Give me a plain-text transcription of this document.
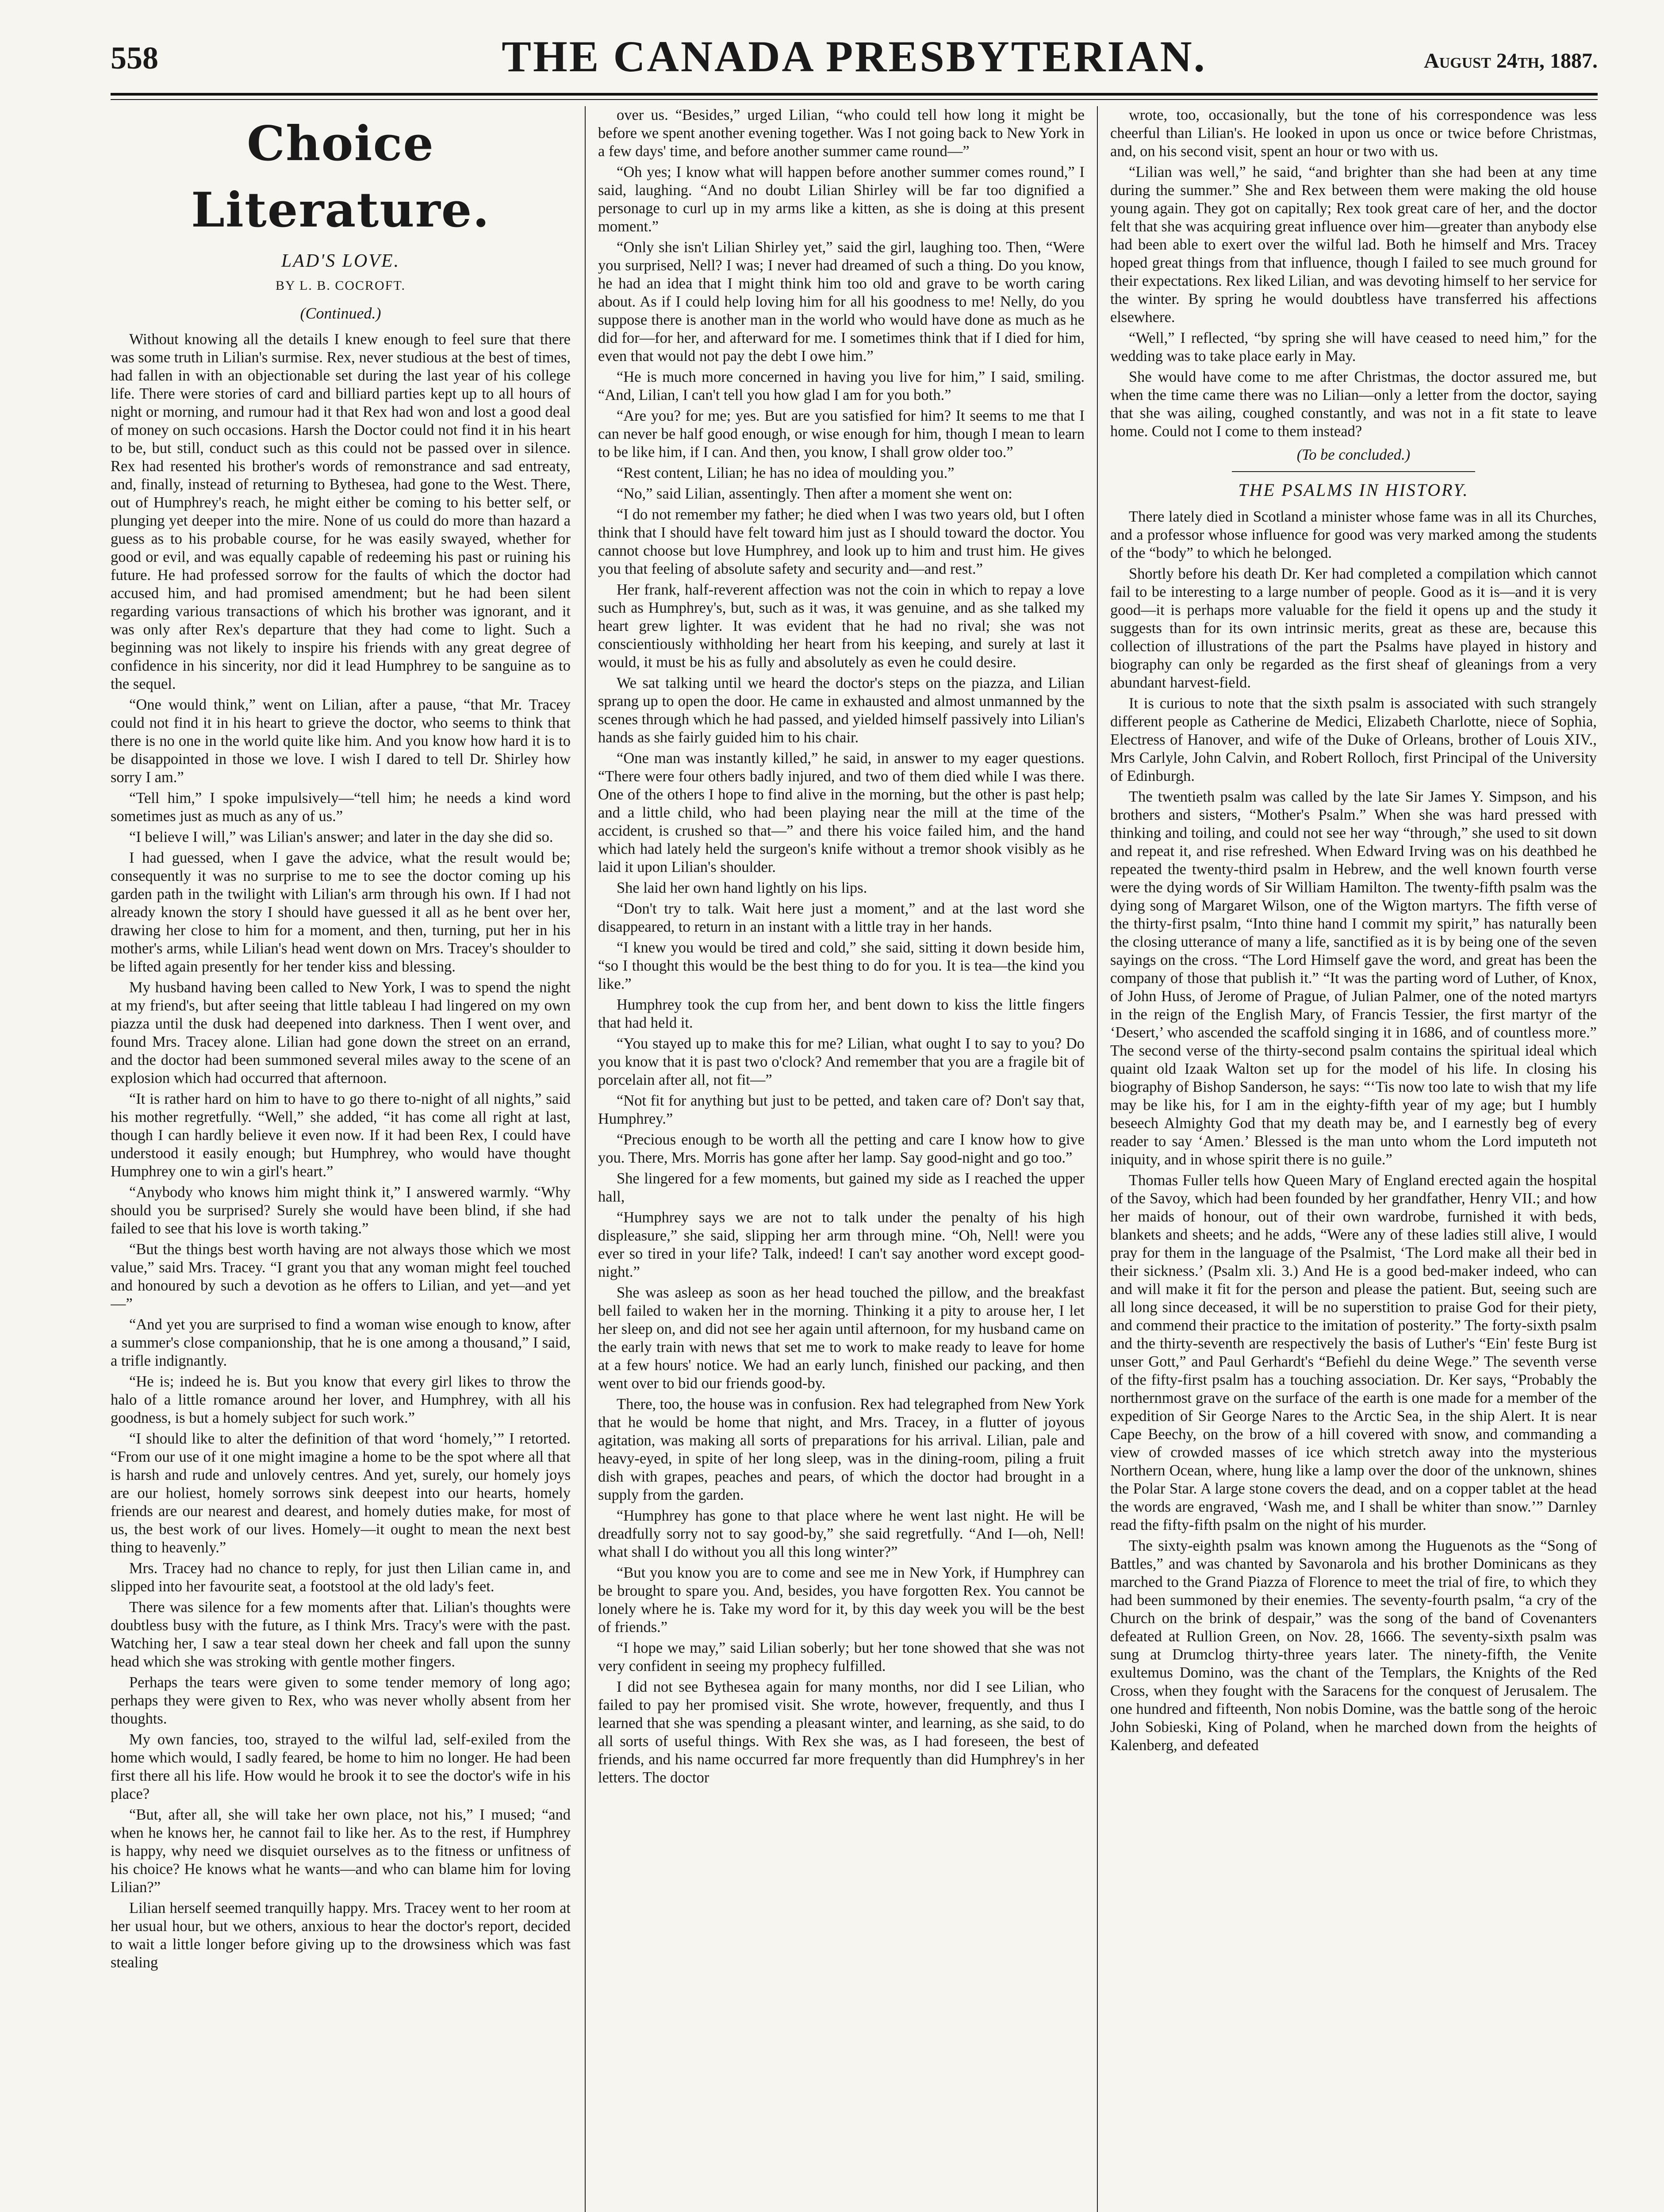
558	THE CANADA PRESBYTERIAN.	August 24th, 1887.
Choice Literature.
LAD'S LOVE.
BY L. B. COCROFT.
(Continued.)

Without knowing all the details I knew enough to feel sure that there was some truth in Lilian's surmise. Rex, never studious at the best of times, had fallen in with an objectionable set during the last year of his college life. There were stories of card and billiard parties kept up to all hours of night or morning, and rumour had it that Rex had won and lost a good deal of money on such occasions. Harsh the Doctor could not find it in his heart to be, but still, conduct such as this could not be passed over in silence. Rex had resented his brother's words of remonstrance and sad entreaty, and, finally, instead of returning to Bythesea, had gone to the West. There, out of Humphrey's reach, he might either be coming to his better self, or plunging yet deeper into the mire. None of us could do more than hazard a guess as to his probable course, for he was easily swayed, whether for good or evil, and was equally capable of redeeming his past or ruining his future. He had professed sorrow for the faults of which the doctor had accused him, and had promised amendment; but he had been silent regarding various transactions of which his brother was ignorant, and it was only after Rex's departure that they had come to light. Such a beginning was not likely to inspire his friends with any great degree of confidence in his sincerity, nor did it lead Humphrey to be sanguine as to the sequel.

“One would think,” went on Lilian, after a pause, “that Mr. Tracey could not find it in his heart to grieve the doctor, who seems to think that there is no one in the world quite like him. And you know how hard it is to be disappointed in those we love. I wish I dared to tell Dr. Shirley how sorry I am.”

“Tell him,” I spoke impulsively—“tell him; he needs a kind word sometimes just as much as any of us.”

“I believe I will,” was Lilian's answer; and later in the day she did so.

I had guessed, when I gave the advice, what the result would be; consequently it was no surprise to me to see the doctor coming up his garden path in the twilight with Lilian's arm through his own. If I had not already known the story I should have guessed it all as he bent over her, drawing her close to him for a moment, and then, turning, put her in his mother's arms, while Lilian's head went down on Mrs. Tracey's shoulder to be lifted again presently for her tender kiss and blessing.

My husband having been called to New York, I was to spend the night at my friend's, but after seeing that little tableau I had lingered on my own piazza until the dusk had deepened into darkness. Then I went over, and found Mrs. Tracey alone. Lilian had gone down the street on an errand, and the doctor had been summoned several miles away to the scene of an explosion which had occurred that afternoon.

“It is rather hard on him to have to go there to-night of all nights,” said his mother regretfully. “Well,” she added, “it has come all right at last, though I can hardly believe it even now. If it had been Rex, I could have understood it easily enough; but Humphrey, who would have thought Humphrey one to win a girl's heart.”

“Anybody who knows him might think it,” I answered warmly. “Why should you be surprised? Surely she would have been blind, if she had failed to see that his love is worth taking.”

“But the things best worth having are not always those which we most value,” said Mrs. Tracey. “I grant you that any woman might feel touched and honoured by such a devotion as he offers to Lilian, and yet—and yet—”

“And yet you are surprised to find a woman wise enough to know, after a summer's close companionship, that he is one among a thousand,” I said, a trifle indignantly.

“He is; indeed he is. But you know that every girl likes to throw the halo of a little romance around her lover, and Humphrey, with all his goodness, is but a homely subject for such work.”

“I should like to alter the definition of that word ‘homely,’” I retorted. “From our use of it one might imagine a home to be the spot where all that is harsh and rude and unlovely centres. And yet, surely, our homely joys are our holiest, homely sorrows sink deepest into our hearts, homely friends are our nearest and dearest, and homely duties make, for most of us, the best work of our lives. Homely—it ought to mean the next best thing to heavenly.”

Mrs. Tracey had no chance to reply, for just then Lilian came in, and slipped into her favourite seat, a footstool at the old lady's feet.

There was silence for a few moments after that. Lilian's thoughts were doubtless busy with the future, as I think Mrs. Tracy's were with the past. Watching her, I saw a tear steal down her cheek and fall upon the sunny head which she was stroking with gentle mother fingers.

Perhaps the tears were given to some tender memory of long ago; perhaps they were given to Rex, who was never wholly absent from her thoughts.

My own fancies, too, strayed to the wilful lad, self-exiled from the home which would, I sadly feared, be home to him no longer. He had been first there all his life. How would he brook it to see the doctor's wife in his place?

“But, after all, she will take her own place, not his,” I mused; “and when he knows her, he cannot fail to like her. As to the rest, if Humphrey is happy, why need we disquiet ourselves as to the fitness or unfitness of his choice? He knows what he wants—and who can blame him for loving Lilian?”

Lilian herself seemed tranquilly happy. Mrs. Tracey went to her room at her usual hour, but we others, anxious to hear the doctor's report, decided to wait a little longer before giving up to the drowsiness which was fast stealing

over us. “Besides,” urged Lilian, “who could tell how long it might be before we spent another evening together. Was I not going back to New York in a few days' time, and before another summer came round—”

“Oh yes; I know what will happen before another summer comes round,” I said, laughing. “And no doubt Lilian Shirley will be far too dignified a personage to curl up in my arms like a kitten, as she is doing at this present moment.”

“Only she isn't Lilian Shirley yet,” said the girl, laughing too. Then, “Were you surprised, Nell? I was; I never had dreamed of such a thing. Do you know, he had an idea that I might think him too old and grave to be worth caring about. As if I could help loving him for all his goodness to me! Nelly, do you suppose there is another man in the world who would have done as much as he did for—for her, and afterward for me. I sometimes think that if I died for him, even that would not pay the debt I owe him.”

“He is much more concerned in having you live for him,” I said, smiling. “And, Lilian, I can't tell you how glad I am for you both.”

“Are you? for me; yes. But are you satisfied for him? It seems to me that I can never be half good enough, or wise enough for him, though I mean to learn to be like him, if I can. And then, you know, I shall grow older too.”

“Rest content, Lilian; he has no idea of moulding you.”

“No,” said Lilian, assentingly. Then after a moment she went on:

“I do not remember my father; he died when I was two years old, but I often think that I should have felt toward him just as I should toward the doctor. You cannot choose but love Humphrey, and look up to him and trust him. He gives you that feeling of absolute safety and security and—and rest.”

Her frank, half-reverent affection was not the coin in which to repay a love such as Humphrey's, but, such as it was, it was genuine, and as she talked my heart grew lighter. It was evident that he had no rival; she was not conscientiously withholding her heart from his keeping, and surely at last it would, it must be his as fully and absolutely as even he could desire.

We sat talking until we heard the doctor's steps on the piazza, and Lilian sprang up to open the door. He came in exhausted and almost unmanned by the scenes through which he had passed, and yielded himself passively into Lilian's hands as she fairly guided him to his chair.

“One man was instantly killed,” he said, in answer to my eager questions. “There were four others badly injured, and two of them died while I was there. One of the others I hope to find alive in the morning, but the other is past help; and a little child, who had been playing near the mill at the time of the accident, is crushed so that—” and there his voice failed him, and the hand which had lately held the surgeon's knife without a tremor shook visibly as he laid it upon Lilian's shoulder.

She laid her own hand lightly on his lips.

“Don't try to talk. Wait here just a moment,” and at the last word she disappeared, to return in an instant with a little tray in her hands.

“I knew you would be tired and cold,” she said, sitting it down beside him, “so I thought this would be the best thing to do for you. It is tea—the kind you like.”

Humphrey took the cup from her, and bent down to kiss the little fingers that had held it.

“You stayed up to make this for me? Lilian, what ought I to say to you? Do you know that it is past two o'clock? And remember that you are a fragile bit of porcelain after all, not fit—”

“Not fit for anything but just to be petted, and taken care of? Don't say that, Humphrey.”

“Precious enough to be worth all the petting and care I know how to give you. There, Mrs. Morris has gone after her lamp. Say good-night and go too.”

She lingered for a few moments, but gained my side as I reached the upper hall,

“Humphrey says we are not to talk under the penalty of his high displeasure,” she said, slipping her arm through mine. “Oh, Nell! were you ever so tired in your life? Talk, indeed! I can't say another word except good-night.”

She was asleep as soon as her head touched the pillow, and the breakfast bell failed to waken her in the morning. Thinking it a pity to arouse her, I let her sleep on, and did not see her again until afternoon, for my husband came on the early train with news that set me to work to make ready to leave for home at a few hours' notice. We had an early lunch, finished our packing, and then went over to bid our friends good-by.

There, too, the house was in confusion. Rex had telegraphed from New York that he would be home that night, and Mrs. Tracey, in a flutter of joyous agitation, was making all sorts of preparations for his arrival. Lilian, pale and heavy-eyed, in spite of her long sleep, was in the dining-room, piling a fruit dish with grapes, peaches and pears, of which the doctor had brought in a supply from the garden.

“Humphrey has gone to that place where he went last night. He will be dreadfully sorry not to say good-by,” she said regretfully. “And I—oh, Nell! what shall I do without you all this long winter?”

“But you know you are to come and see me in New York, if Humphrey can be brought to spare you. And, besides, you have forgotten Rex. You cannot be lonely where he is. Take my word for it, by this day week you will be the best of friends.”

“I hope we may,” said Lilian soberly; but her tone showed that she was not very confident in seeing my prophecy fulfilled.

I did not see Bythesea again for many months, nor did I see Lilian, who failed to pay her promised visit. She wrote, however, frequently, and thus I learned that she was spending a pleasant winter, and learning, as she said, to do all sorts of useful things. With Rex she was, as I had foreseen, the best of friends, and his name occurred far more frequently than did Humphrey's in her letters. The doctor

wrote, too, occasionally, but the tone of his correspondence was less cheerful than Lilian's. He looked in upon us once or twice before Christmas, and, on his second visit, spent an hour or two with us.

“Lilian was well,” he said, “and brighter than she had been at any time during the summer.” She and Rex between them were making the old house young again. They got on capitally; Rex took great care of her, and the doctor felt that she was acquiring great influence over him—greater than anybody else had been able to exert over the wilful lad. Both he himself and Mrs. Tracey hoped great things from that influence, though I failed to see much ground for their expectations. Rex liked Lilian, and was devoting himself to her service for the winter. By spring he would doubtless have transferred his affections elsewhere.

“Well,” I reflected, “by spring she will have ceased to need him,” for the wedding was to take place early in May.

She would have come to me after Christmas, the doctor assured me, but when the time came there was no Lilian—only a letter from the doctor, saying that she was ailing, coughed constantly, and was not in a fit state to leave home. Could not I come to them instead?

(To be concluded.)
THE PSALMS IN HISTORY.

There lately died in Scotland a minister whose fame was in all its Churches, and a professor whose influence for good was very marked among the students of the “body” to which he belonged.

Shortly before his death Dr. Ker had completed a compilation which cannot fail to be interesting to a large number of people. Good as it is—and it is very good—it is perhaps more valuable for the field it opens up and the study it suggests than for its own intrinsic merits, great as these are, because this collection of illustrations of the part the Psalms have played in history and biography can only be regarded as the first sheaf of gleanings from a very abundant harvest-field.

It is curious to note that the sixth psalm is associated with such strangely different people as Catherine de Medici, Elizabeth Charlotte, niece of Sophia, Electress of Hanover, and wife of the Duke of Orleans, brother of Louis XIV., Mrs Carlyle, John Calvin, and Robert Rolloch, first Principal of the University of Edinburgh.

The twentieth psalm was called by the late Sir James Y. Simpson, and his brothers and sisters, “Mother's Psalm.” When she was hard pressed with thinking and toiling, and could not see her way “through,” she used to sit down and repeat it, and rise refreshed. When Edward Irving was on his deathbed he repeated the twenty-third psalm in Hebrew, and the well known fourth verse were the dying words of Sir William Hamilton. The twenty-fifth psalm was the dying song of Margaret Wilson, one of the Wigton martyrs. The fifth verse of the thirty-first psalm, “Into thine hand I commit my spirit,” has naturally been the closing utterance of many a life, sanctified as it is by being one of the seven sayings on the cross. “The Lord Himself gave the word, and great has been the company of those that publish it.” “It was the parting word of Luther, of Knox, of John Huss, of Jerome of Prague, of Julian Palmer, one of the noted martyrs in the reign of the English Mary, of Francis Tessier, the first martyr of the ‘Desert,’ who ascended the scaffold singing it in 1686, and of countless more.” The second verse of the thirty-second psalm contains the spiritual ideal which quaint old Izaak Walton set up for the model of his life. In closing his biography of Bishop Sanderson, he says: “‘Tis now too late to wish that my life may be like his, for I am in the eighty-fifth year of my age; but I humbly beseech Almighty God that my death may be, and I earnestly beg of every reader to say ‘Amen.’ Blessed is the man unto whom the Lord imputeth not iniquity, and in whose spirit there is no guile.”

Thomas Fuller tells how Queen Mary of England erected again the hospital of the Savoy, which had been founded by her grandfather, Henry VII.; and how her maids of honour, out of their own wardrobe, furnished it with beds, blankets and sheets; and he adds, “Were any of these ladies still alive, I would pray for them in the language of the Psalmist, ‘The Lord make all their bed in their sickness.’ (Psalm xli. 3.) And He is a good bed-maker indeed, who can and will make it fit for the person and please the patient. But, seeing such are all long since deceased, it will be no superstition to praise God for their piety, and commend their practice to the imitation of posterity.” The forty-sixth psalm and the thirty-seventh are respectively the basis of Luther's “Ein' feste Burg ist unser Gott,” and Paul Gerhardt's “Befiehl du deine Wege.” The seventh verse of the fifty-first psalm has a touching association. Dr. Ker says, “Probably the northernmost grave on the surface of the earth is one made for a member of the expedition of Sir George Nares to the Arctic Sea, in the ship Alert. It is near Cape Beechy, on the brow of a hill covered with snow, and commanding a view of crowded masses of ice which stretch away into the mysterious Northern Ocean, where, hung like a lamp over the door of the unknown, shines the Polar Star. A large stone covers the dead, and on a copper tablet at the head the words are engraved, ‘Wash me, and I shall be whiter than snow.’” Darnley read the fifty-fifth psalm on the night of his murder.

The sixty-eighth psalm was known among the Huguenots as the “Song of Battles,” and was chanted by Savonarola and his brother Dominicans as they marched to the Grand Piazza of Florence to meet the trial of fire, to which they had been summoned by their enemies. The seventy-fourth psalm, “a cry of the Church on the brink of despair,” was the song of the band of Covenanters defeated at Rullion Green, on Nov. 28, 1666. The seventy-sixth psalm was sung at Drumclog thirty-three years later. The ninety-fifth, the Venite exultemus Domino, was the chant of the Templars, the Knights of the Red Cross, when they fought with the Saracens for the conquest of Jerusalem. The one hundred and fifteenth, Non nobis Domine, was the battle song of the heroic John Sobieski, King of Poland, when he marched down from the heights of Kalenberg, and defeated
